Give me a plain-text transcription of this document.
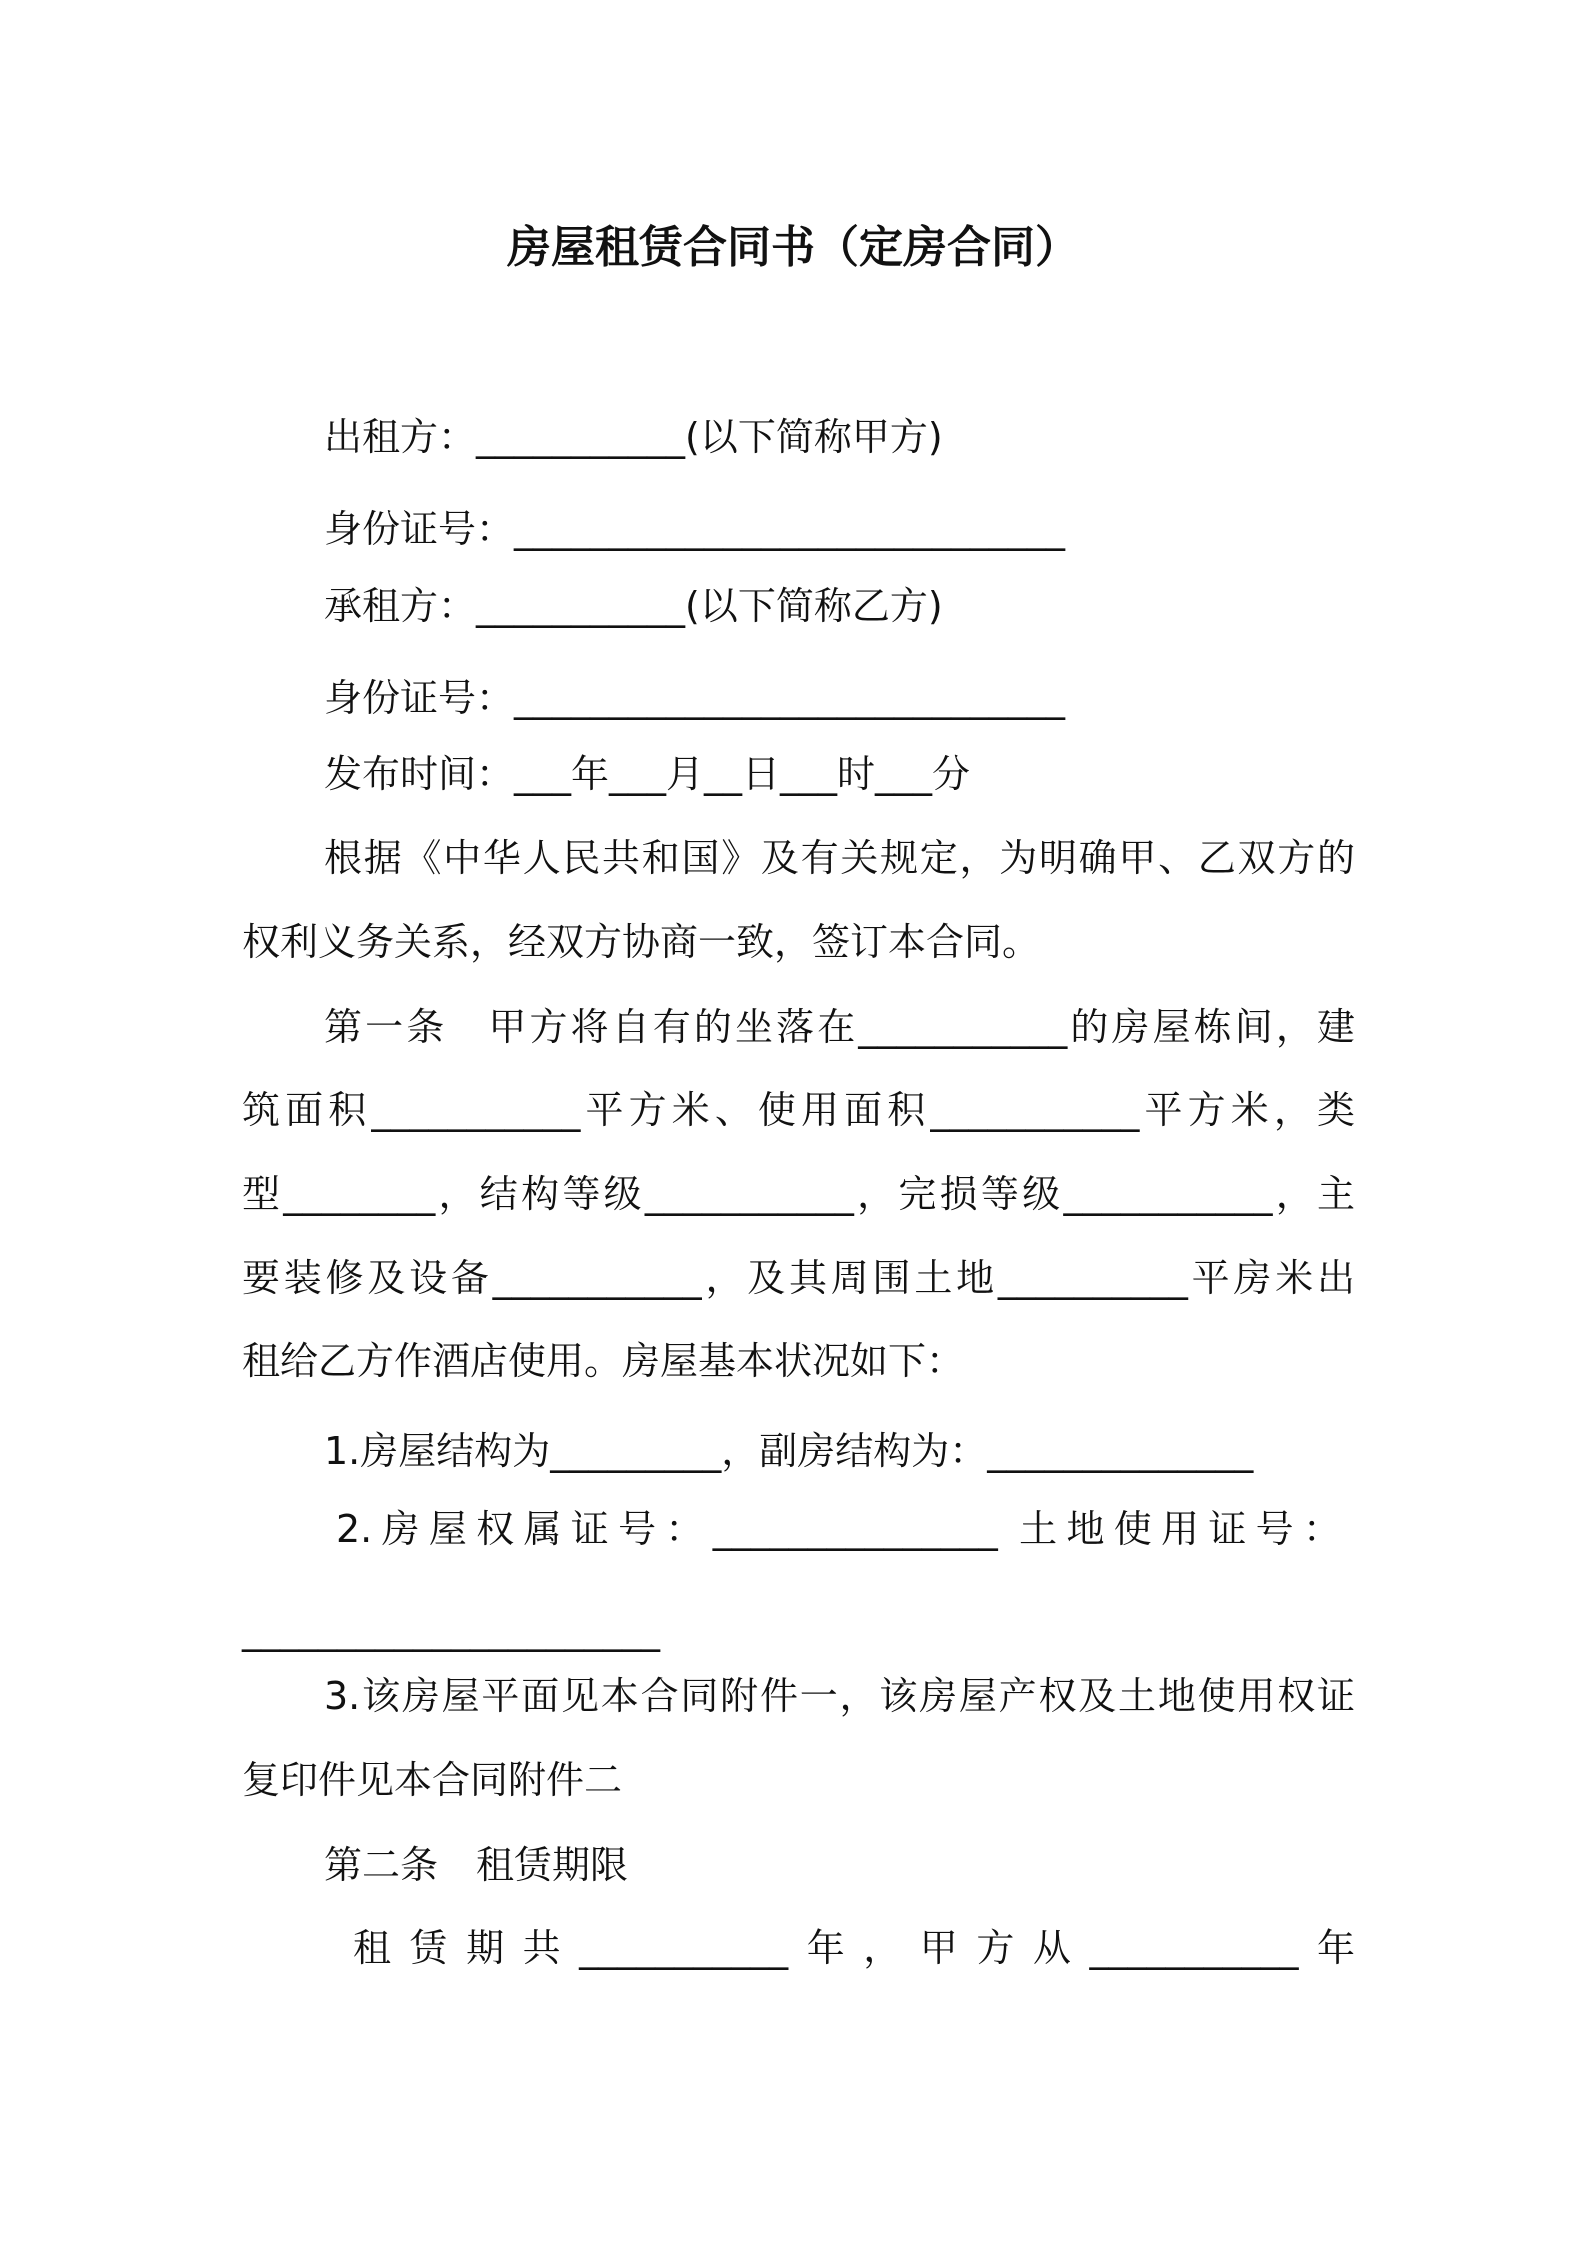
房屋租赁合同书（定房合同）
出租方：___________(以下简称甲方)
身份证号：_____________________________
承租方：___________(以下简称乙方)
身份证号：_____________________________
发布时间：___年___月__日___时___分
根据《中华人民共和国》及有关规定，为明确甲、乙双方的
权利义务关系，经双方协商一致，签订本合同。
第一条　甲方将自有的坐落在___________的房屋栋间，建
筑面积___________平方米、使用面积___________平方米，类
型________，结构等级___________，完损等级___________，主
要装修及设备___________，及其周围土地__________平房米出
租给乙方作酒店使用。房屋基本状况如下：
1.房屋结构为_________，副房结构为：______________
2.房屋权属证号：_______________ 土地使用证号：
______________________
3.该房屋平面见本合同附件一，该房屋产权及土地使用权证
复印件见本合同附件二
第二条　租赁期限
租赁期共___________年，甲方从___________年
